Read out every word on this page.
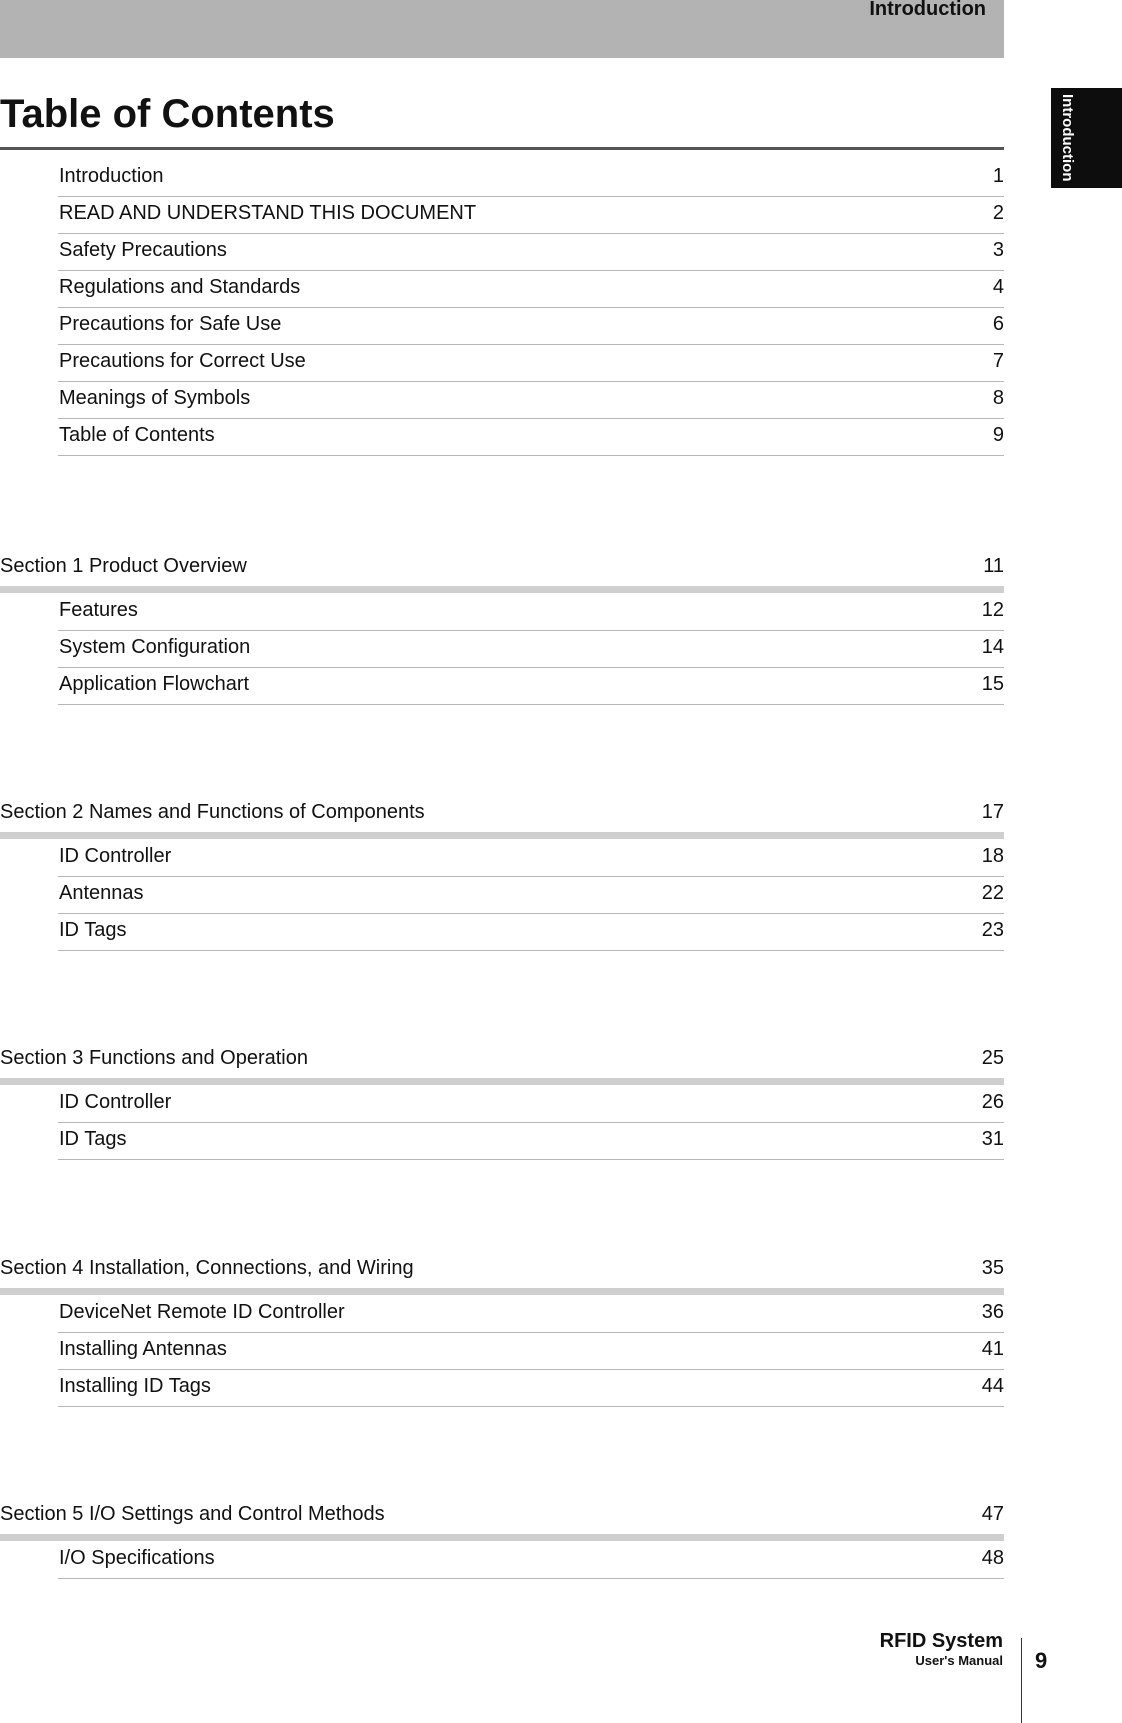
Introduction
Introduction
Table of Contents
Introduction	1
READ AND UNDERSTAND THIS DOCUMENT	2
Safety Precautions	3
Regulations and Standards	4
Precautions for Safe Use	6
Precautions for Correct Use	7
Meanings of Symbols	8
Table of Contents	9
Section 1 Product Overview	11
Features	12
System Configuration	14
Application Flowchart	15
Section 2 Names and Functions of Components	17
ID Controller	18
Antennas	22
ID Tags	23
Section 3 Functions and Operation	25
ID Controller	26
ID Tags	31
Section 4 Installation, Connections, and Wiring	35
DeviceNet Remote ID Controller	36
Installing Antennas	41
Installing ID Tags	44
Section 5 I/O Settings and Control Methods	47
I/O Specifications	48
RFID System
User's Manual 9
